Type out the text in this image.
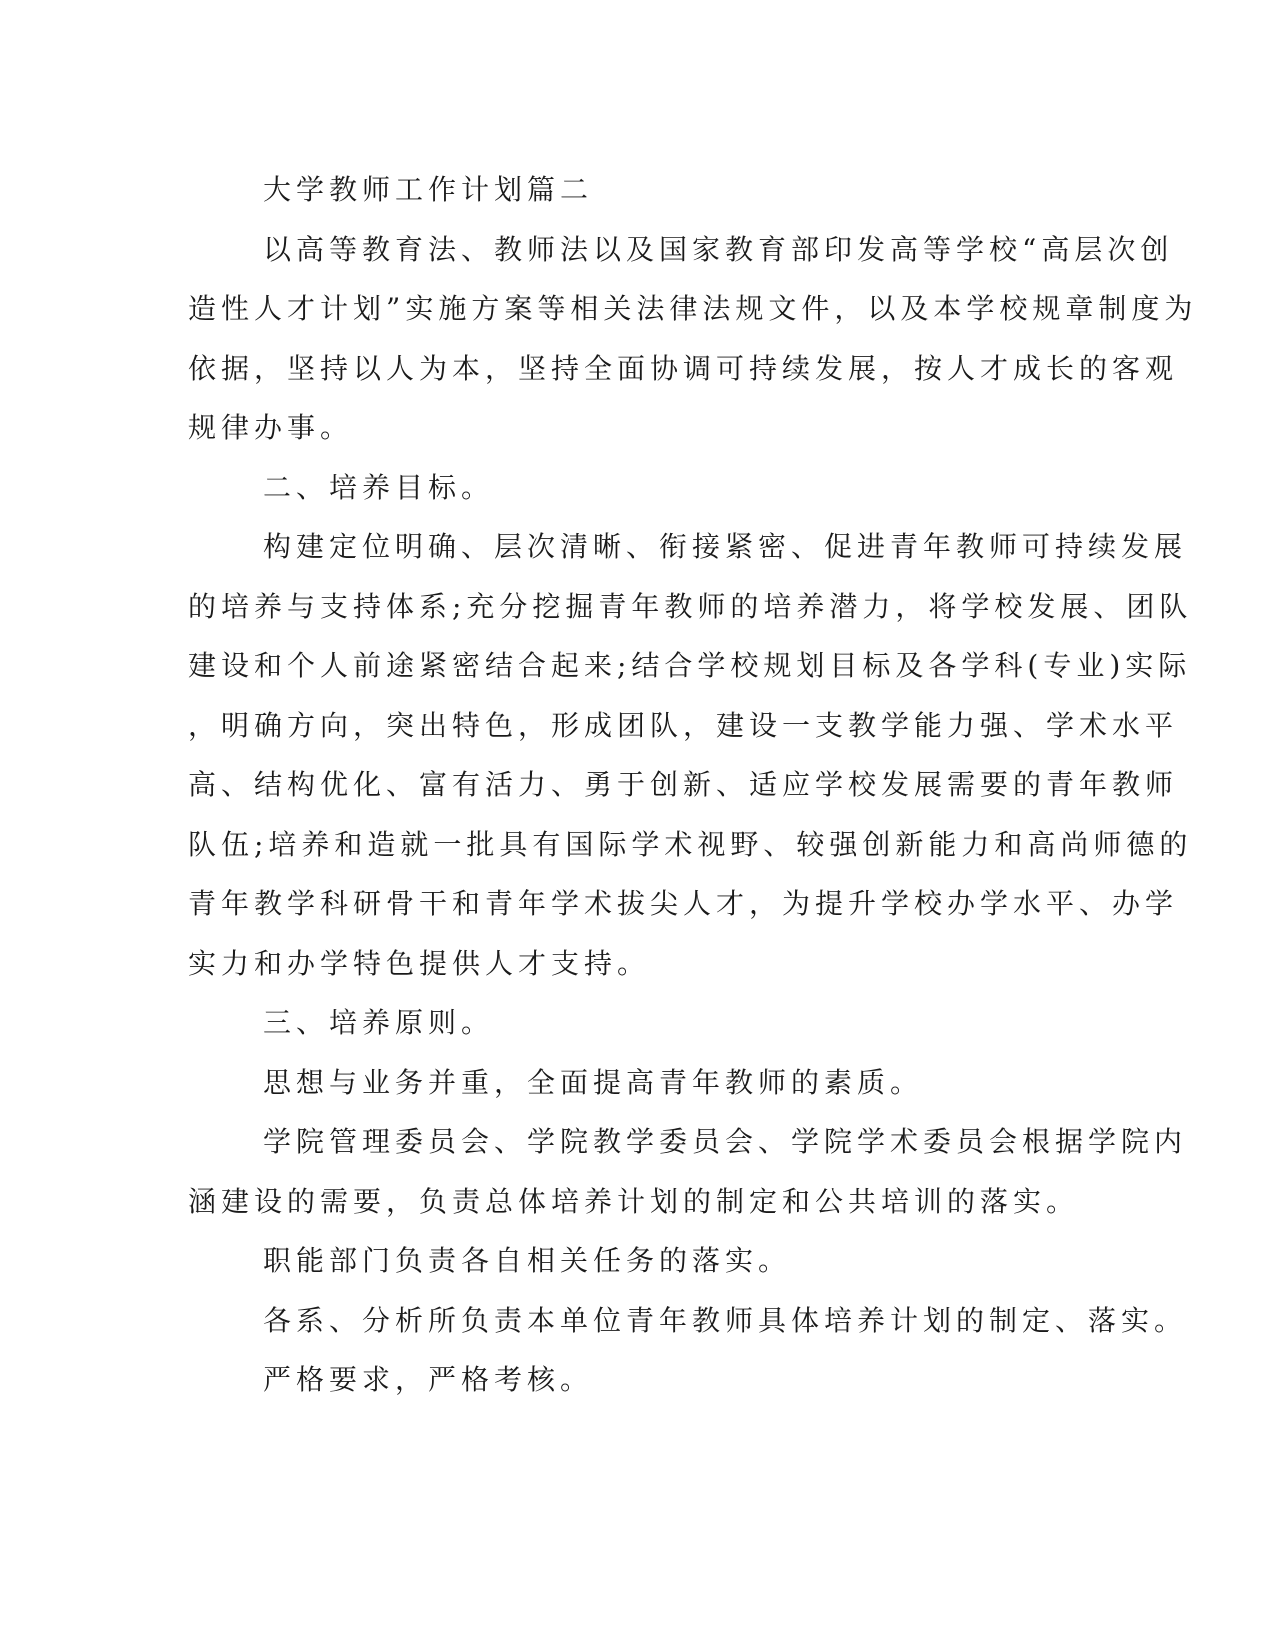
大学教师工作计划篇二
以高等教育法、教师法以及国家教育部印发高等学校“高层次创
造性人才计划”实施方案等相关法律法规文件，以及本学校规章制度为
依据，坚持以人为本，坚持全面协调可持续发展，按人才成长的客观
规律办事。
二、培养目标。
构建定位明确、层次清晰、衔接紧密、促进青年教师可持续发展
的培养与支持体系;充分挖掘青年教师的培养潜力，将学校发展、团队
建设和个人前途紧密结合起来;结合学校规划目标及各学科(专业)实际
，明确方向，突出特色，形成团队，建设一支教学能力强、学术水平
高、结构优化、富有活力、勇于创新、适应学校发展需要的青年教师
队伍;培养和造就一批具有国际学术视野、较强创新能力和高尚师德的
青年教学科研骨干和青年学术拔尖人才，为提升学校办学水平、办学
实力和办学特色提供人才支持。
三、培养原则。
思想与业务并重，全面提高青年教师的素质。
学院管理委员会、学院教学委员会、学院学术委员会根据学院内
涵建设的需要，负责总体培养计划的制定和公共培训的落实。
职能部门负责各自相关任务的落实。
各系、分析所负责本单位青年教师具体培养计划的制定、落实。
严格要求，严格考核。
